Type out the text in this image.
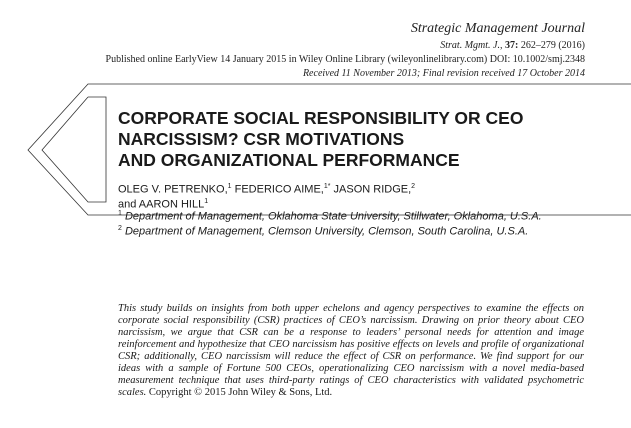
Strategic Management Journal
Strat. Mgmt. J., 37: 262–279 (2016)
Published online EarlyView 14 January 2015 in Wiley Online Library (wileyonlinelibrary.com) DOI: 10.1002/smj.2348
Received 11 November 2013; Final revision received 17 October 2014
CORPORATE SOCIAL RESPONSIBILITY OR CEO
NARCISSISM? CSR MOTIVATIONS
AND ORGANIZATIONAL PERFORMANCE
OLEG V. PETRENKO,$^1$ FEDERICO AIME,$^{1*}$ JASON RIDGE,$^2$
and AARON HILL$^1$
$^1$ Department of Management, Oklahoma State University, Stillwater, Oklahoma, U.S.A.
$^2$ Department of Management, Clemson University, Clemson, South Carolina, U.S.A.
This study builds on insights from both upper echelons and agency perspectives to examine the effects on corporate social responsibility (CSR) practices of CEO’s narcissism. Drawing on prior theory about CEO narcissism, we argue that CSR can be a response to leaders’ personal needs for attention and image reinforcement and hypothesize that CEO narcissism has positive effects on levels and profile of organizational CSR; additionally, CEO narcissism will reduce the effect of CSR on performance. We find support for our ideas with a sample of Fortune 500 CEOs, operationalizing CEO narcissism with a novel media-based measurement technique that uses third-party ratings of CEO characteristics with validated psychometric scales. Copyright © 2015 John Wiley & Sons, Ltd.
